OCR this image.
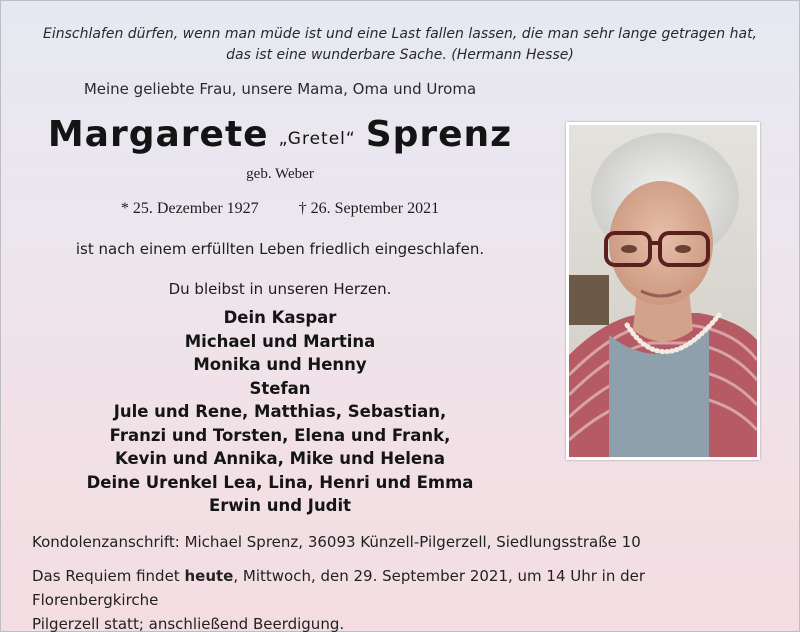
Einschlafen dürfen, wenn man müde ist und eine Last fallen lassen, die man sehr lange getragen hat,
das ist eine wunderbare Sache. (Hermann Hesse)
Meine geliebte Frau, unsere Mama, Oma und Uroma
Margarete „Gretel“ Sprenz
geb. Weber
* 25. Dezember 1927	† 26. September 2021
ist nach einem erfüllten Leben friedlich eingeschlafen.
Du bleibst in unseren Herzen.
Dein Kaspar
Michael und Martina
Monika und Henny
Stefan
Jule und Rene, Matthias, Sebastian,
Franzi und Torsten, Elena und Frank,
Kevin und Annika, Mike und Helena
Deine Urenkel Lea, Lina, Henri und Emma
Erwin und Judit
Kondolenzanschrift: Michael Sprenz, 36093 Künzell-Pilgerzell, Siedlungsstraße 10
Das Requiem findet heute, Mittwoch, den 29. September 2021, um 14 Uhr in der Florenbergkirche
Pilgerzell statt; anschließend Beerdigung.
